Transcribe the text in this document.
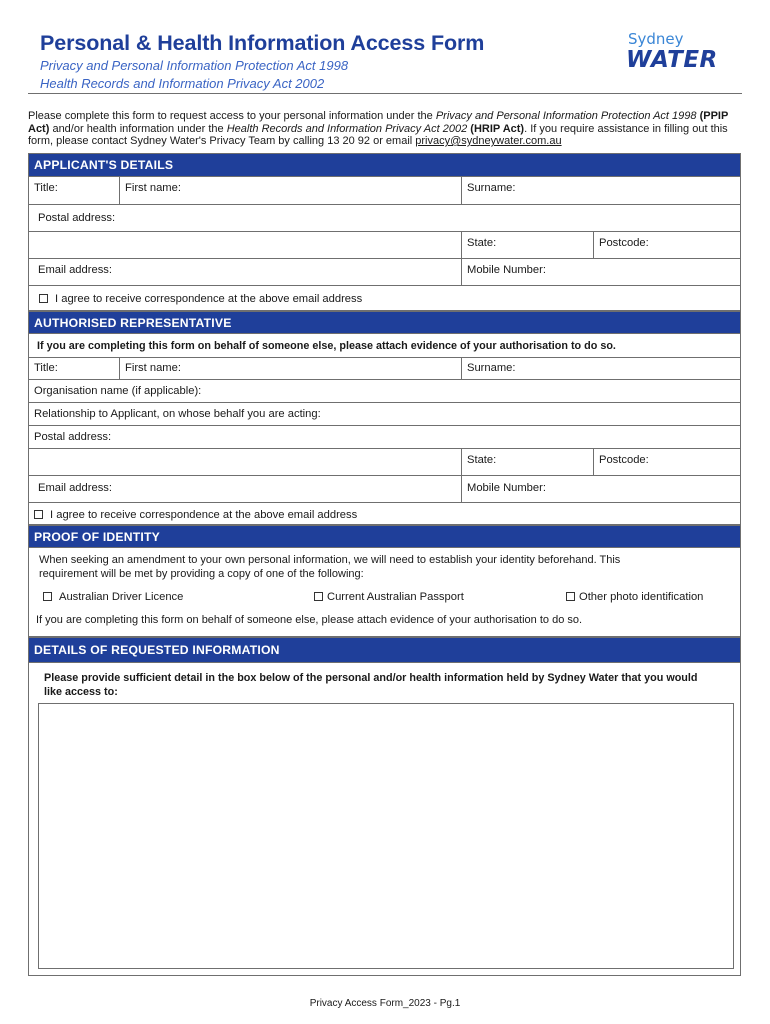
Personal & Health Information Access Form
Privacy and Personal Information Protection Act 1998
Health Records and Information Privacy Act 2002
Sydney
WATER
Please complete this form to request access to your personal information under the Privacy and Personal Information Protection Act 1998 (PPIP Act) and/or health information under the Health Records and Information Privacy Act 2002 (HRIP Act). If you require assistance in filling out this form, please contact Sydney Water's Privacy Team by calling 13 20 92 or email privacy@sydneywater.com.au
APPLICANT'S DETAILS
Title:	First name:	Surname:
Postal address:
State:	Postcode:
Email address:	Mobile Number:
I agree to receive correspondence at the above email address
AUTHORISED REPRESENTATIVE
If you are completing this form on behalf of someone else, please attach evidence of your authorisation to do so.
Title:	First name:	Surname:
Organisation name (if applicable):
Relationship to Applicant, on whose behalf you are acting:
Postal address:
State:	Postcode:
Email address:	Mobile Number:
I agree to receive correspondence at the above email address
PROOF OF IDENTITY
When seeking an amendment to your own personal information, we will need to establish your identity beforehand. This requirement will be met by providing a copy of one of the following:
Australian Driver Licence	Current Australian Passport	Other photo identification
If you are completing this form on behalf of someone else, please attach evidence of your authorisation to do so.
DETAILS OF REQUESTED INFORMATION
Please provide sufficient detail in the box below of the personal and/or health information held by Sydney Water that you would like access to:
Privacy Access Form_2023 - Pg.1
